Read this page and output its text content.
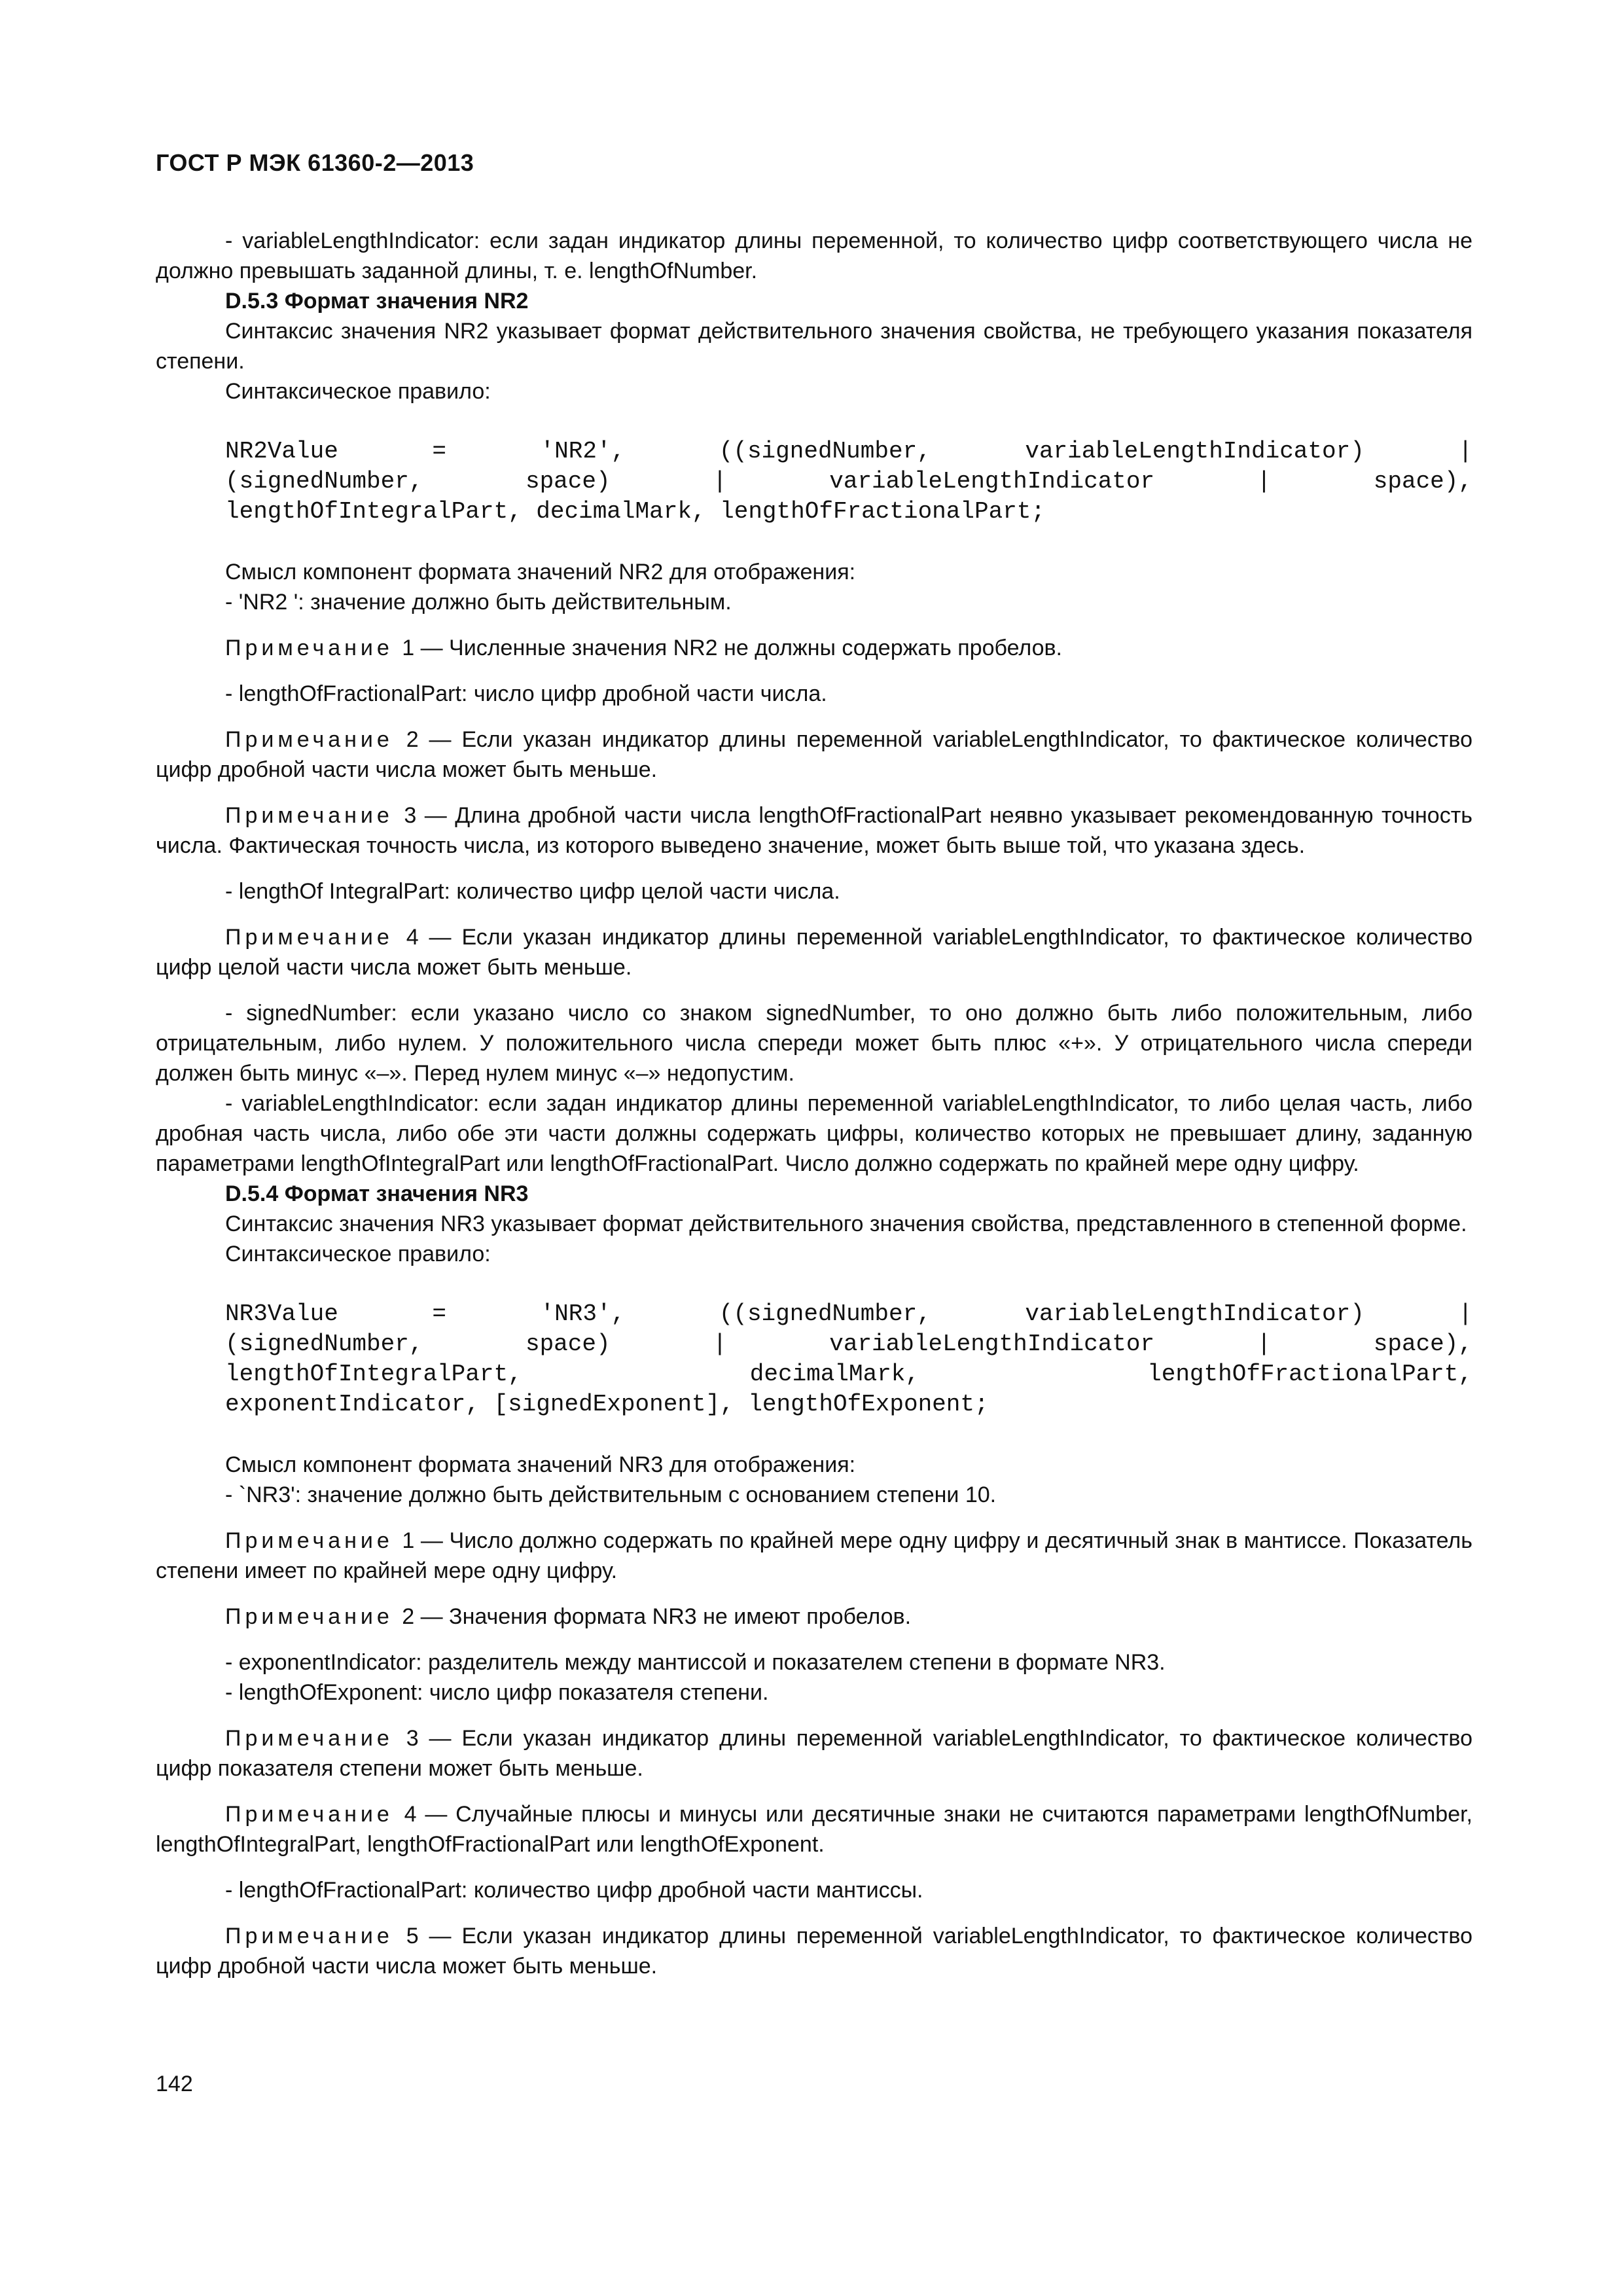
ГОСТ Р МЭК 61360-2—2013

- variableLengthIndicator: если задан индикатор длины переменной, то количество цифр соответствующего числа не должно превышать заданной длины, т. е. lengthOfNumber.

D.5.3 Формат значения NR2

Синтаксис значения NR2 указывает формат действительного значения свойства, не требующего указания показателя степени.

Синтаксическое правило:

NR2Value = 'NR2', ((signedNumber, variableLengthIndicator) |
(signedNumber, space) | variableLengthIndicator | space),
lengthOfIntegralPart, decimalMark, lengthOfFractionalPart;

Смысл компонент формата значений NR2 для отображения:

- 'NR2 ': значение должно быть действительным.

Примечание 1 — Численные значения NR2 не должны содержать пробелов.

- lengthOfFractionalPart: число цифр дробной части числа.

Примечание 2 — Если указан индикатор длины переменной variableLengthIndicator, то фактическое количество цифр дробной части числа может быть меньше.

Примечание 3 — Длина дробной части числа lengthOfFractionalPart неявно указывает рекомендованную точность числа. Фактическая точность числа, из которого выведено значение, может быть выше той, что указана здесь.

- lengthOf IntegralPart: количество цифр целой части числа.

Примечание 4 — Если указан индикатор длины переменной variableLengthIndicator, то фактическое количество цифр целой части числа может быть меньше.

- signedNumber: если указано число со знаком signedNumber, то оно должно быть либо положительным, либо отрицательным, либо нулем. У положительного числа спереди может быть плюс «+». У отрицательного числа спереди должен быть минус «–». Перед нулем минус «–» недопустим.

- variableLengthIndicator: если задан индикатор длины переменной variableLengthIndicator, то либо целая часть, либо дробная часть числа, либо обе эти части должны содержать цифры, количество которых не превышает длину, заданную параметрами lengthOfIntegralPart или lengthOfFractionalPart. Число должно содержать по крайней мере одну цифру.

D.5.4 Формат значения NR3

Синтаксис значения NR3 указывает формат действительного значения свойства, представленного в степенной форме.

Синтаксическое правило:

NR3Value = 'NR3', ((signedNumber, variableLengthIndicator) |
(signedNumber, space) | variableLengthIndicator | space),
lengthOfIntegralPart, decimalMark, lengthOfFractionalPart,
exponentIndicator, [signedExponent], lengthOfExponent;

Смысл компонент формата значений NR3 для отображения:

- `NR3': значение должно быть действительным с основанием степени 10.

Примечание 1 — Число должно содержать по крайней мере одну цифру и десятичный знак в мантиссе. Показатель степени имеет по крайней мере одну цифру.

Примечание 2 — Значения формата NR3 не имеют пробелов.

- exponentIndicator: разделитель между мантиссой и показателем степени в формате NR3.

- lengthOfExponent: число цифр показателя степени.

Примечание 3 — Если указан индикатор длины переменной variableLengthIndicator, то фактическое количество цифр показателя степени может быть меньше.

Примечание 4 — Случайные плюсы и минусы или десятичные знаки не считаются параметрами lengthOfNumber, lengthOfIntegralPart, lengthOfFractionalPart или lengthOfExponent.

- lengthOfFractionalPart: количество цифр дробной части мантиссы.

Примечание 5 — Если указан индикатор длины переменной variableLengthIndicator, то фактическое количество цифр дробной части числа может быть меньше.

142
